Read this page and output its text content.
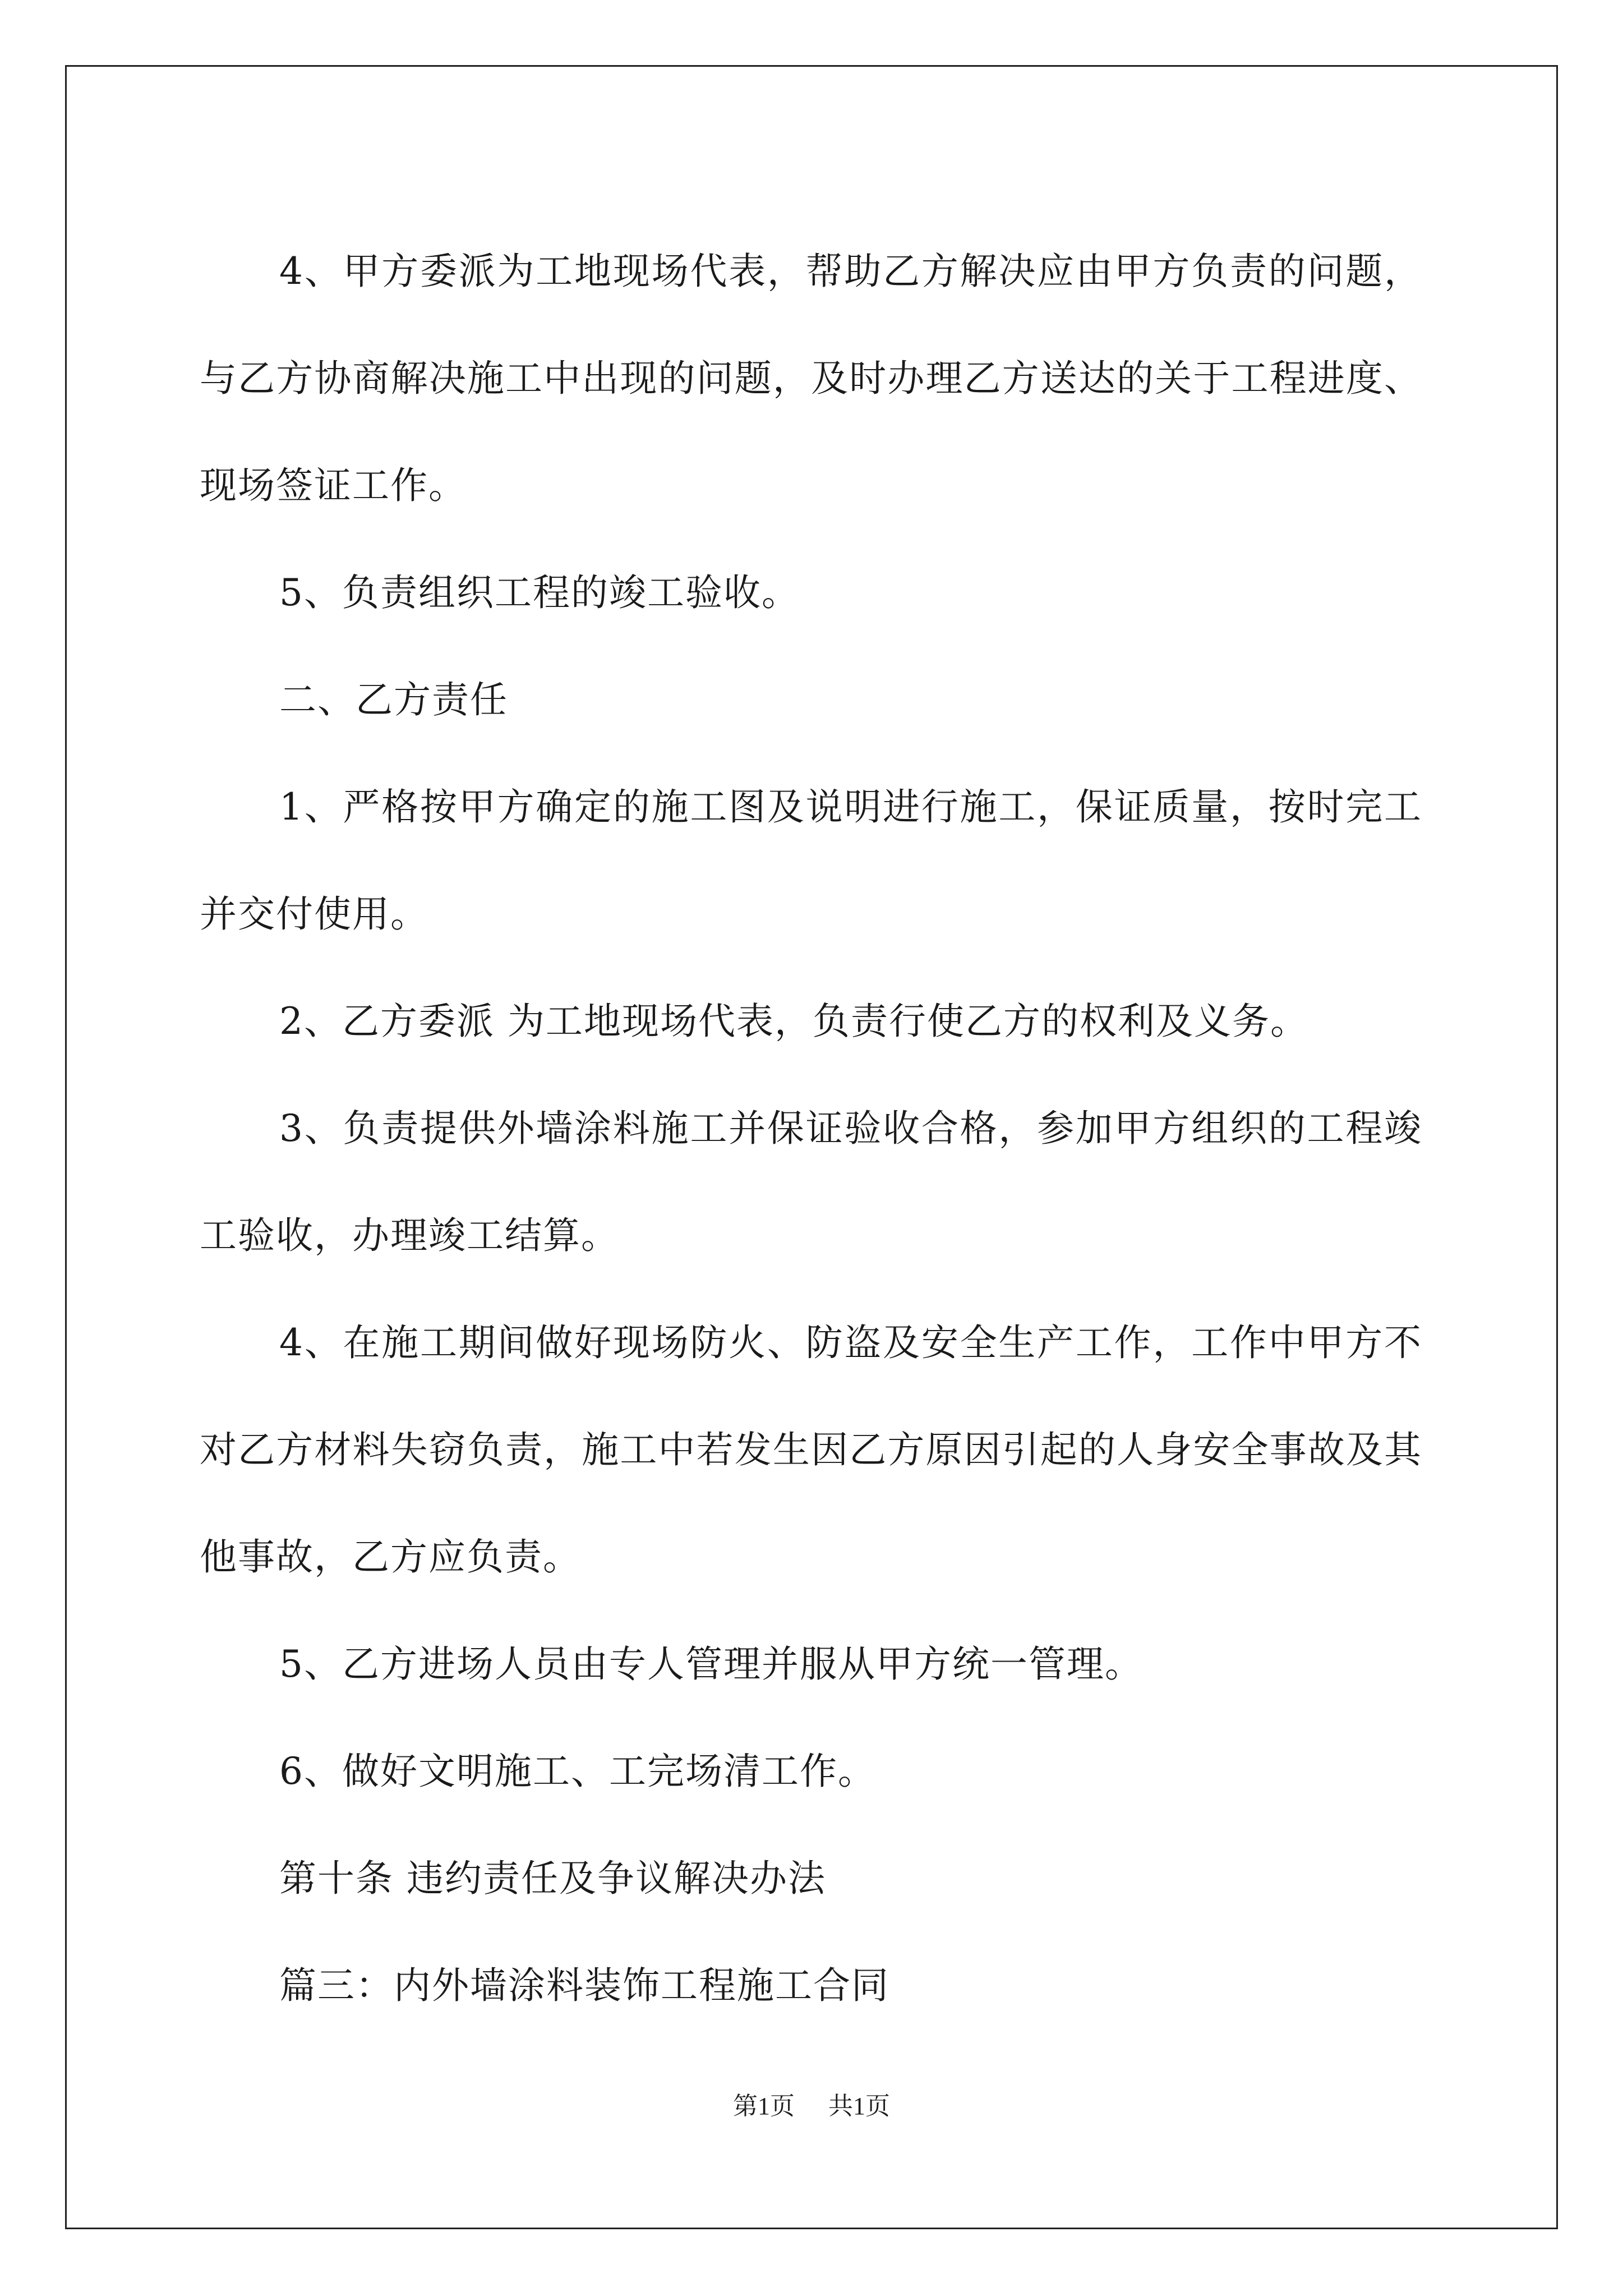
4、甲方委派为工地现场代表，帮助乙方解决应由甲方负责的问题，与乙方协商解决施工中出现的问题，及时办理乙方送达的关于工程进度、现场签证工作。

5、负责组织工程的竣工验收。

二、乙方责任

1、严格按甲方确定的施工图及说明进行施工，保证质量，按时完工并交付使用。

2、乙方委派 为工地现场代表，负责行使乙方的权利及义务。

3、负责提供外墙涂料施工并保证验收合格，参加甲方组织的工程竣工验收，办理竣工结算。

4、在施工期间做好现场防火、防盗及安全生产工作，工作中甲方不对乙方材料失窃负责，施工中若发生因乙方原因引起的人身安全事故及其他事故，乙方应负责。

5、乙方进场人员由专人管理并服从甲方统一管理。

6、做好文明施工、工完场清工作。

第十条 违约责任及争议解决办法

篇三：内外墙涂料装饰工程施工合同

第1页 共1页
